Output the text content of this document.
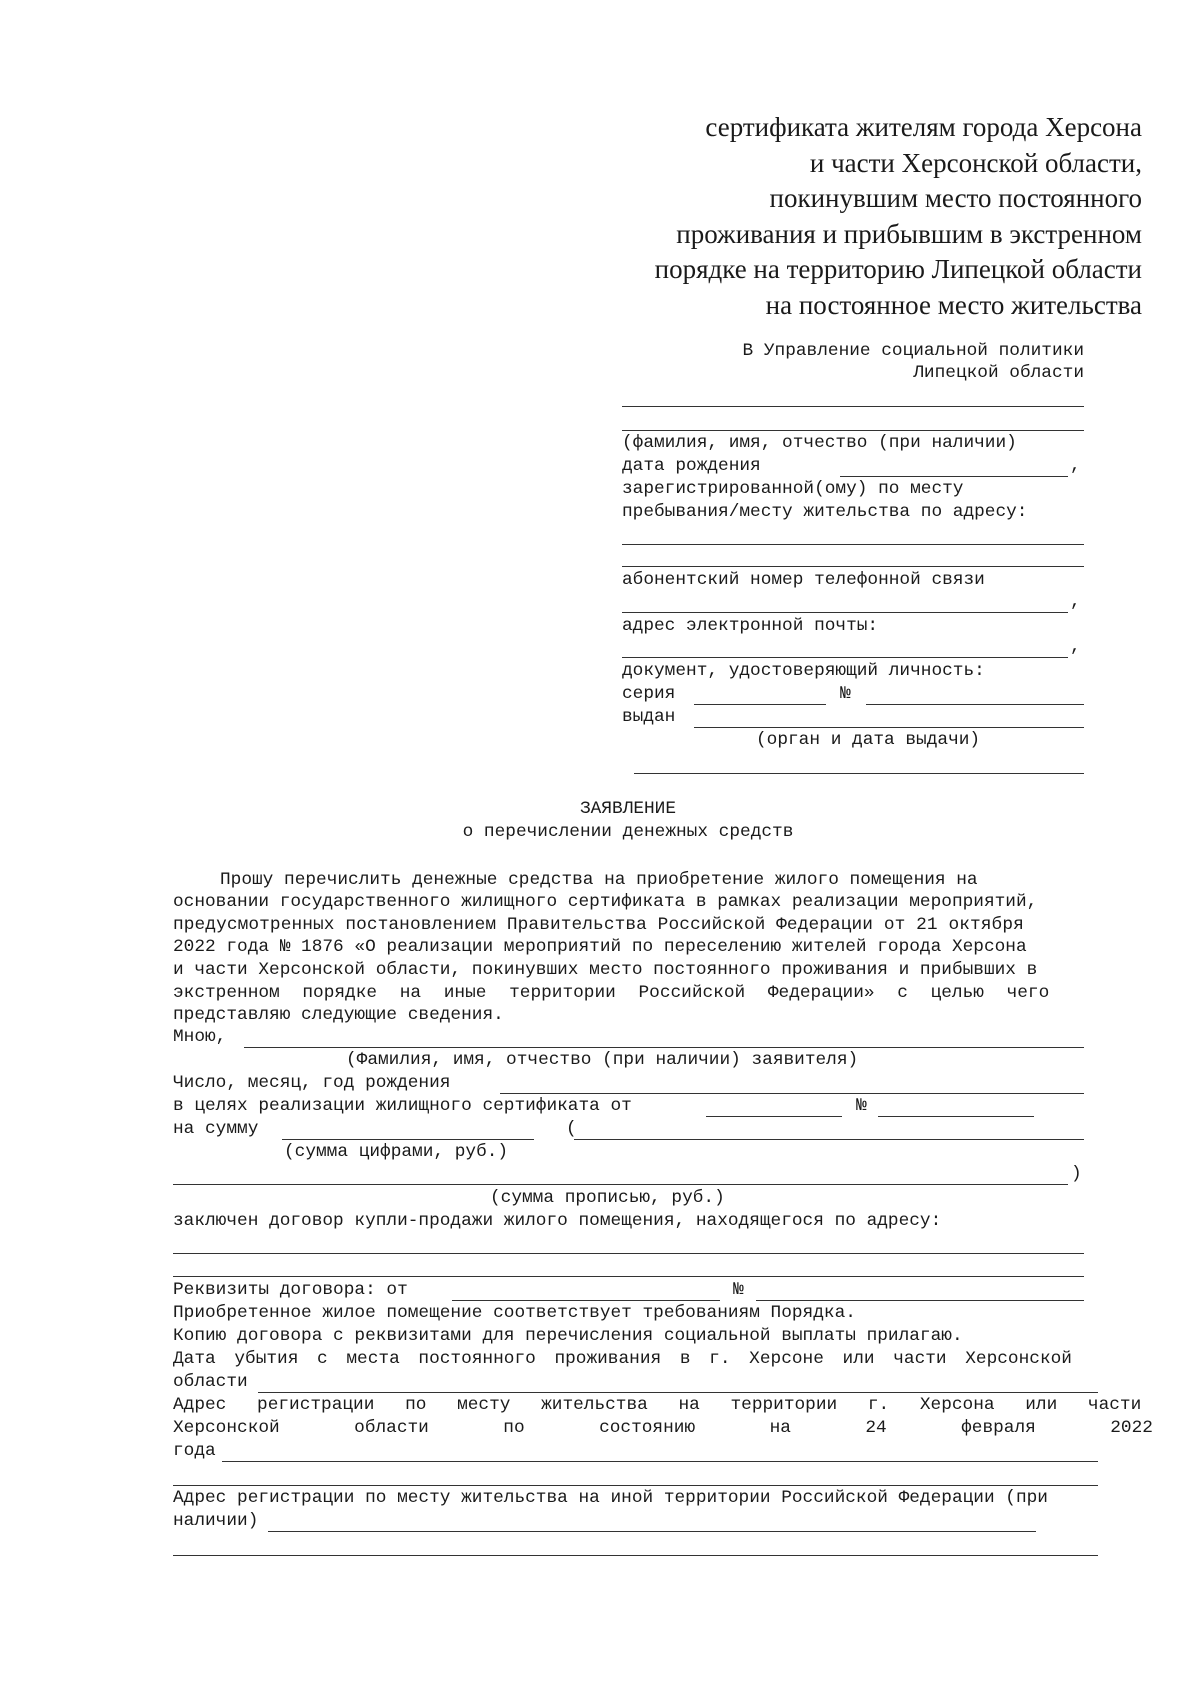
сертификата жителям города Херсона
и части Херсонской области,
покинувшим место постоянного
проживания и прибывшим в экстренном
порядке на территорию Липецкой области
на постоянное место жительства
В Управление социальной политики
Липецкой области
(фамилия, имя, отчество (при наличии)
дата рождения	,
зарегистрированной(ому) по месту
пребывания/месту жительства по адресу:
абонентский номер телефонной связи
,
адрес электронной почты:
,
документ, удостоверяющий личность:
серия	№
выдан
(орган и дата выдачи)
ЗАЯВЛЕНИЕ
о перечислении денежных средств
Прошу перечислить денежные средства на приобретение жилого помещения на
основании государственного жилищного сертификата в рамках реализации мероприятий,
предусмотренных постановлением Правительства Российской Федерации от 21 октября
2022 года № 1876 «О реализации мероприятий по переселению жителей города Херсона
и части Херсонской области, покинувших место постоянного проживания и прибывших в
экстренном порядке на иные территории Российской Федерации» с целью чего
представляю следующие сведения.
Мною,
(Фамилия, имя, отчество (при наличии) заявителя)
Число, месяц, год рождения
в целях реализации жилищного сертификата от	№
на сумму	(
(сумма цифрами, руб.)
)
(сумма прописью, руб.)
заключен договор купли-продажи жилого помещения, находящегося по адресу:
Реквизиты договора: от	№
Приобретенное жилое помещение соответствует требованиям Порядка.
Копию договора с реквизитами для перечисления социальной выплаты прилагаю.
Дата убытия с места постоянного проживания в г. Херсоне или части Херсонской
области
Адрес регистрации по месту жительства на территории г. Херсона или части
Херсонской	области	по	состоянию	на	24	февраля	2022
года
Адрес регистрации по месту жительства на иной территории Российской Федерации (при
наличии)
